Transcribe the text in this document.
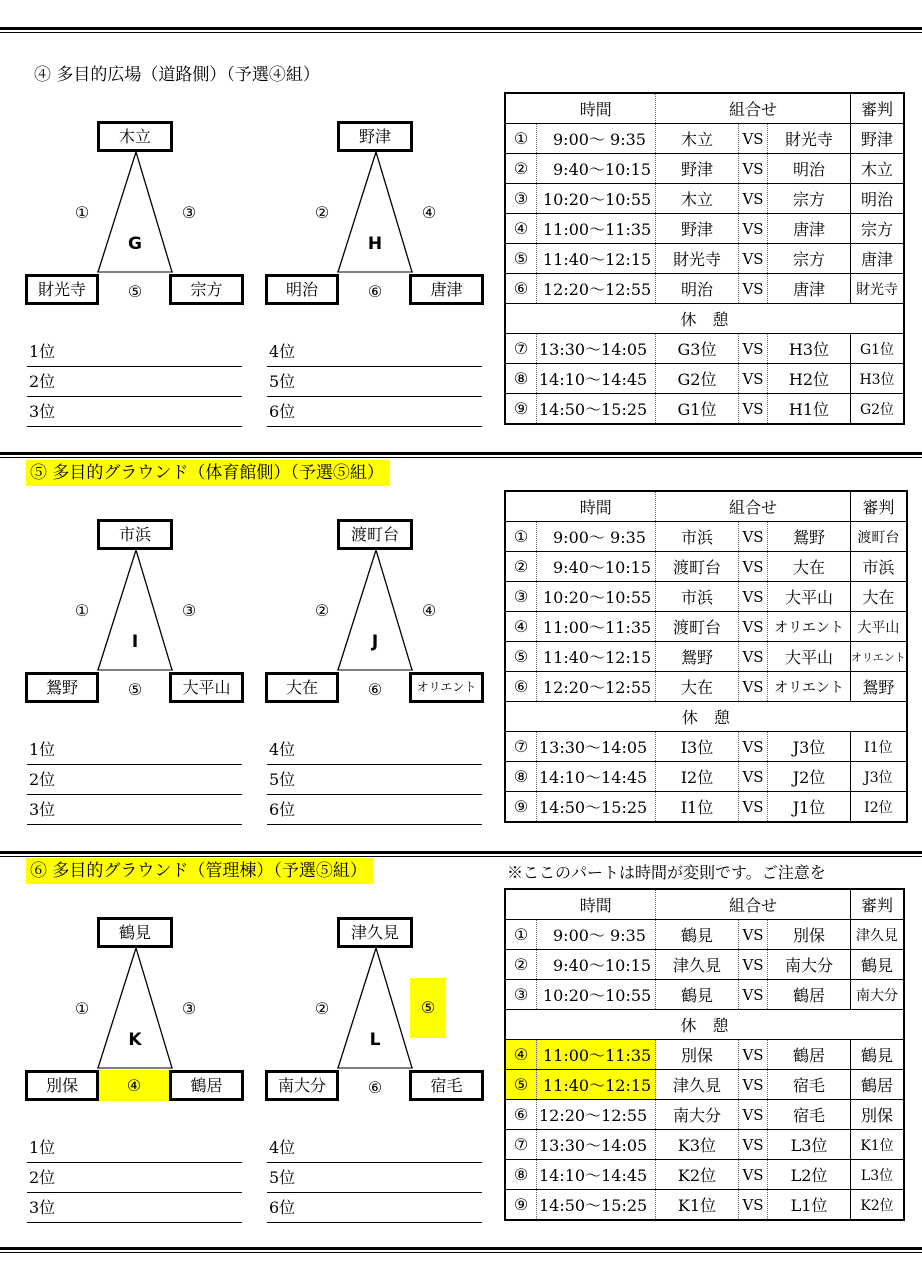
④ 多目的広場（道路側）（予選④組）
木立
財光寺	宗方
①	③
⑤
G
1位
2位
3位
野津
明治	唐津
②	④
⑥
H
4位
5位
6位
	時間	組合せ			審判
①	9:00～ 9:35	木立	VS	財光寺	野津
②	9:40～10:15	野津	VS	明治	木立
③	10:20～10:55	木立	VS	宗方	明治
④	11:00～11:35	野津	VS	唐津	宗方
⑤	11:40～12:15	財光寺	VS	宗方	唐津
⑥	12:20～12:55	明治	VS	唐津	財光寺
休　憩					
⑦	13:30～14:05	G3位	VS	H3位	G1位
⑧	14:10～14:45	G2位	VS	H2位	H3位
⑨	14:50～15:25	G1位	VS	H1位	G2位
⑤ 多目的グラウンド（体育館側）（予選⑤組）
市浜
鴛野	大平山
①	③
⑤
I
1位
2位
3位
渡町台
大在	オリエント
②	④
⑥
J
4位
5位
6位
	時間	組合せ			審判
①	9:00～ 9:35	市浜	VS	鴛野	渡町台
②	9:40～10:15	渡町台	VS	大在	市浜
③	10:20～10:55	市浜	VS	大平山	大在
④	11:00～11:35	渡町台	VS	オリエント	大平山
⑤	11:40～12:15	鴛野	VS	大平山	オリエント
⑥	12:20～12:55	大在	VS	オリエント	鴛野
休　憩					
⑦	13:30～14:05	I3位	VS	J3位	I1位
⑧	14:10～14:45	I2位	VS	J2位	J3位
⑨	14:50～15:25	I1位	VS	J1位	I2位
⑥ 多目的グラウンド（管理棟）（予選⑤組）	※ここのパートは時間が変則です。ご注意を
鶴見
別保	鶴居
①	③
④
K
1位
2位
3位
津久見
南大分	宿毛
②	⑤
⑥
L
4位
5位
6位
	時間	組合せ			審判
①	9:00～ 9:35	鶴見	VS	別保	津久見
②	9:40～10:15	津久見	VS	南大分	鶴見
③	10:20～10:55	鶴見	VS	鶴居	南大分
休　憩					
④	11:00～11:35	別保	VS	鶴居	鶴見
⑤	11:40～12:15	津久見	VS	宿毛	鶴居
⑥	12:20～12:55	南大分	VS	宿毛	別保
⑦	13:30～14:05	K3位	VS	L3位	K1位
⑧	14:10～14:45	K2位	VS	L2位	L3位
⑨	14:50～15:25	K1位	VS	L1位	K2位
